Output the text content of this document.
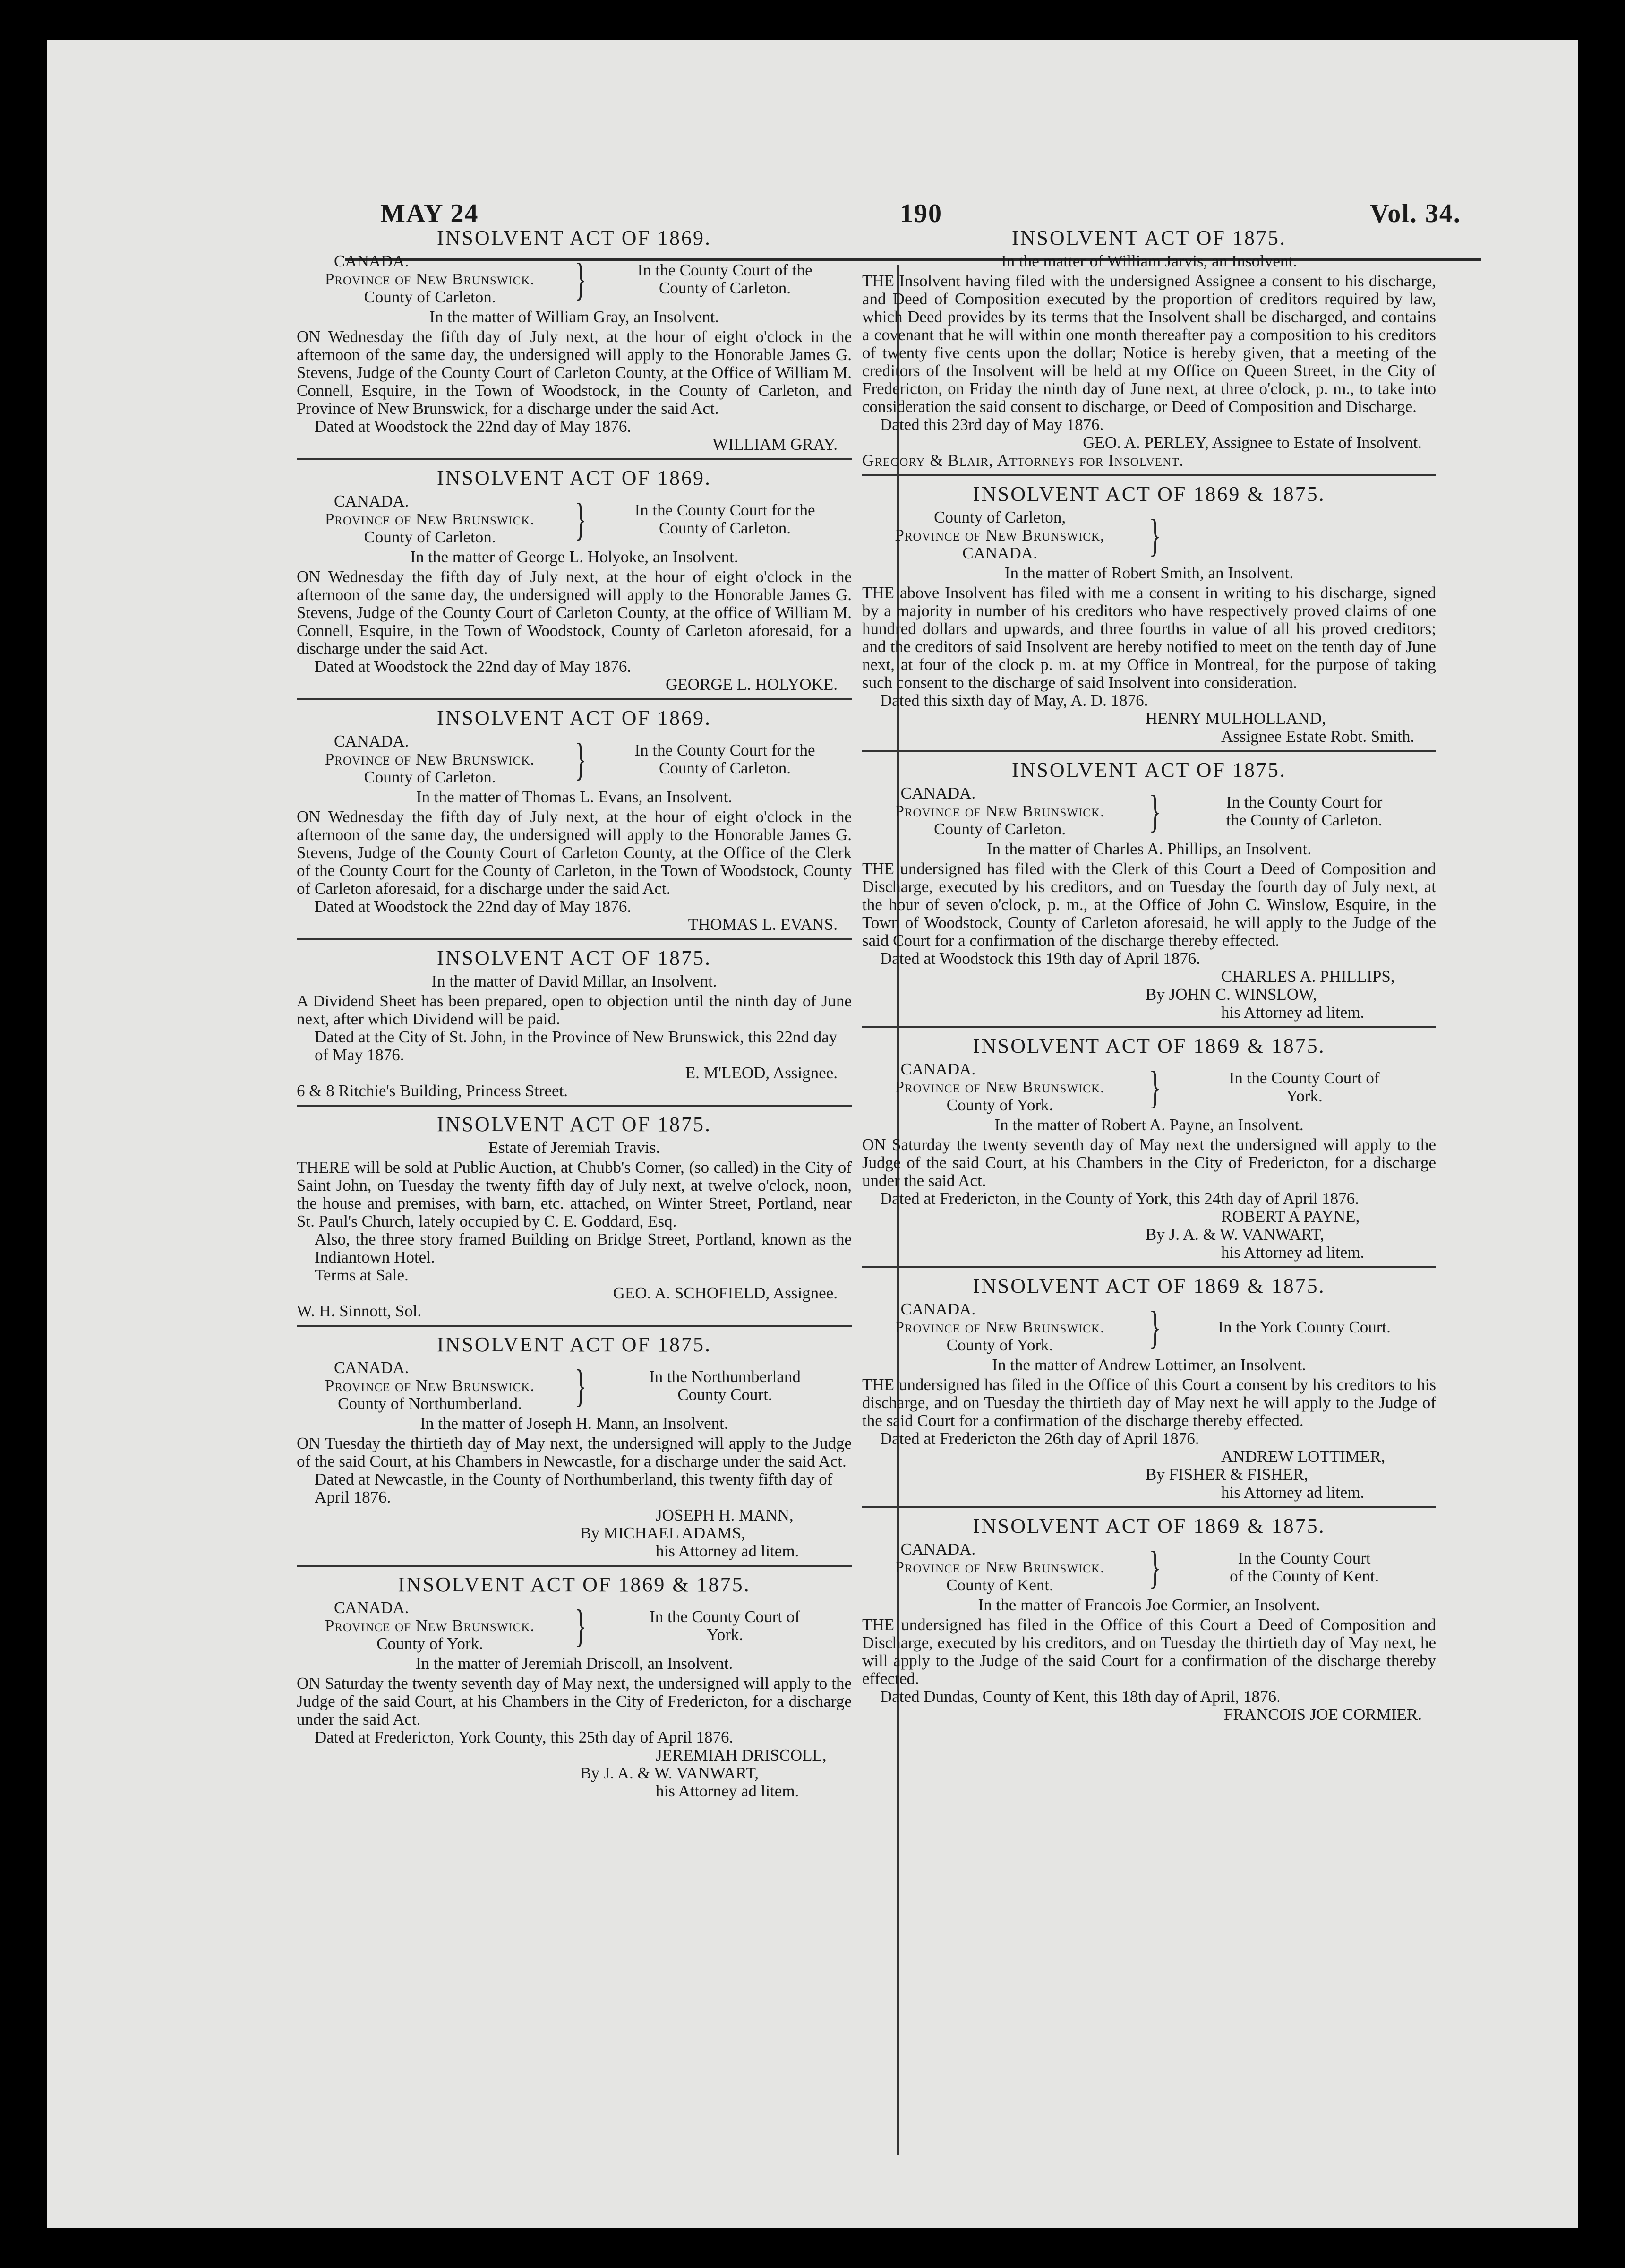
MAY 24	190	Vol. 34.
INSOLVENT ACT OF 1869.
CANADA.
Province of New Brunswick.
County of Carleton.	}	In the County Court of the
County of Carleton.
In the matter of William Gray, an Insolvent.
ON Wednesday the fifth day of July next, at the hour of eight o'clock in the afternoon of the same day, the undersigned will apply to the Honorable James G. Stevens, Judge of the County Court of Carleton County, at the Office of William M. Connell, Esquire, in the Town of Woodstock, in the County of Carleton, and Province of New Brunswick, for a discharge under the said Act.
Dated at Woodstock the 22nd day of May 1876.
WILLIAM GRAY.
INSOLVENT ACT OF 1869.
CANADA.
Province of New Brunswick.
County of Carleton.	}	In the County Court for the
County of Carleton.
In the matter of George L. Holyoke, an Insolvent.
ON Wednesday the fifth day of July next, at the hour of eight o'clock in the afternoon of the same day, the undersigned will apply to the Honorable James G. Stevens, Judge of the County Court of Carleton County, at the office of William M. Connell, Esquire, in the Town of Woodstock, County of Carleton aforesaid, for a discharge under the said Act.
Dated at Woodstock the 22nd day of May 1876.
GEORGE L. HOLYOKE.
INSOLVENT ACT OF 1869.
CANADA.
Province of New Brunswick.
County of Carleton.	}	In the County Court for the
County of Carleton.
In the matter of Thomas L. Evans, an Insolvent.
ON Wednesday the fifth day of July next, at the hour of eight o'clock in the afternoon of the same day, the undersigned will apply to the Honorable James G. Stevens, Judge of the County Court of Carleton County, at the Office of the Clerk of the County Court for the County of Carleton, in the Town of Woodstock, County of Carleton aforesaid, for a discharge under the said Act.
Dated at Woodstock the 22nd day of May 1876.
THOMAS L. EVANS.
INSOLVENT ACT OF 1875.
In the matter of David Millar, an Insolvent.
A Dividend Sheet has been prepared, open to objection until the ninth day of June next, after which Dividend will be paid.
Dated at the City of St. John, in the Province of New Brunswick, this 22nd day of May 1876.
E. M'LEOD, Assignee.
6 & 8 Ritchie's Building, Princess Street.
INSOLVENT ACT OF 1875.
Estate of Jeremiah Travis.
THERE will be sold at Public Auction, at Chubb's Corner, (so called) in the City of Saint John, on Tuesday the twenty fifth day of July next, at twelve o'clock, noon, the house and premises, with barn, etc. attached, on Winter Street, Portland, near St. Paul's Church, lately occupied by C. E. Goddard, Esq.
Also, the three story framed Building on Bridge Street, Portland, known as the Indiantown Hotel.
Terms at Sale.
GEO. A. SCHOFIELD, Assignee.
W. H. Sinnott, Sol.
INSOLVENT ACT OF 1875.
CANADA.
Province of New Brunswick.
County of Northumberland.	}	In the Northumberland
County Court.
In the matter of Joseph H. Mann, an Insolvent.
ON Tuesday the thirtieth day of May next, the undersigned will apply to the Judge of the said Court, at his Chambers in Newcastle, for a discharge under the said Act.
Dated at Newcastle, in the County of Northumberland, this twenty fifth day of April 1876.
JOSEPH H. MANN,
By MICHAEL ADAMS,
his Attorney ad litem.
INSOLVENT ACT OF 1869 & 1875.
CANADA.
Province of New Brunswick.
County of York.	}	In the County Court of
York.
In the matter of Jeremiah Driscoll, an Insolvent.
ON Saturday the twenty seventh day of May next, the undersigned will apply to the Judge of the said Court, at his Chambers in the City of Fredericton, for a discharge under the said Act.
Dated at Fredericton, York County, this 25th day of April 1876.
JEREMIAH DRISCOLL,
By J. A. & W. VANWART,
his Attorney ad litem.
INSOLVENT ACT OF 1875.
In the matter of William Jarvis, an Insolvent.
THE Insolvent having filed with the undersigned Assignee a consent to his discharge, and Deed of Composition executed by the proportion of creditors required by law, which Deed provides by its terms that the Insolvent shall be discharged, and contains a covenant that he will within one month thereafter pay a composition to his creditors of twenty five cents upon the dollar; Notice is hereby given, that a meeting of the creditors of the Insolvent will be held at my Office on Queen Street, in the City of Fredericton, on Friday the ninth day of June next, at three o'clock, p. m., to take into consideration the said consent to discharge, or Deed of Composition and Discharge.
Dated this 23rd day of May 1876.
GEO. A. PERLEY, Assignee to Estate of Insolvent.
Gregory & Blair, Attorneys for Insolvent.
INSOLVENT ACT OF 1869 & 1875.
County of Carleton,
Province of New Brunswick,
CANADA.	}
In the matter of Robert Smith, an Insolvent.
THE above Insolvent has filed with me a consent in writing to his discharge, signed by a majority in number of his creditors who have respectively proved claims of one hundred dollars and upwards, and three fourths in value of all his proved creditors; and the creditors of said Insolvent are hereby notified to meet on the tenth day of June next, at four of the clock p. m. at my Office in Montreal, for the purpose of taking such consent to the discharge of said Insolvent into consideration.
Dated this sixth day of May, A. D. 1876.
HENRY MULHOLLAND,
Assignee Estate Robt. Smith.
INSOLVENT ACT OF 1875.
CANADA.
Province of New Brunswick.
County of Carleton.	}	In the County Court for
the County of Carleton.
In the matter of Charles A. Phillips, an Insolvent.
THE undersigned has filed with the Clerk of this Court a Deed of Composition and Discharge, executed by his creditors, and on Tuesday the fourth day of July next, at the hour of seven o'clock, p. m., at the Office of John C. Winslow, Esquire, in the Town of Woodstock, County of Carleton aforesaid, he will apply to the Judge of the said Court for a confirmation of the discharge thereby effected.
Dated at Woodstock this 19th day of April 1876.
CHARLES A. PHILLIPS,
By JOHN C. WINSLOW,
his Attorney ad litem.
INSOLVENT ACT OF 1869 & 1875.
CANADA.
Province of New Brunswick.
County of York.	}	In the County Court of
York.
In the matter of Robert A. Payne, an Insolvent.
ON Saturday the twenty seventh day of May next the undersigned will apply to the Judge of the said Court, at his Chambers in the City of Fredericton, for a discharge under the said Act.
Dated at Fredericton, in the County of York, this 24th day of April 1876.
ROBERT A PAYNE,
By J. A. & W. VANWART,
his Attorney ad litem.
INSOLVENT ACT OF 1869 & 1875.
CANADA.
Province of New Brunswick.
County of York.	}	In the York County Court.
In the matter of Andrew Lottimer, an Insolvent.
THE undersigned has filed in the Office of this Court a consent by his creditors to his discharge, and on Tuesday the thirtieth day of May next he will apply to the Judge of the said Court for a confirmation of the discharge thereby effected.
Dated at Fredericton the 26th day of April 1876.
ANDREW LOTTIMER,
By FISHER & FISHER,
his Attorney ad litem.
INSOLVENT ACT OF 1869 & 1875.
CANADA.
Province of New Brunswick.
County of Kent.	}	In the County Court
of the County of Kent.
In the matter of Francois Joe Cormier, an Insolvent.
THE undersigned has filed in the Office of this Court a Deed of Composition and Discharge, executed by his creditors, and on Tuesday the thirtieth day of May next, he will apply to the Judge of the said Court for a confirmation of the discharge thereby effected.
Dated Dundas, County of Kent, this 18th day of April, 1876.
FRANCOIS JOE CORMIER.
